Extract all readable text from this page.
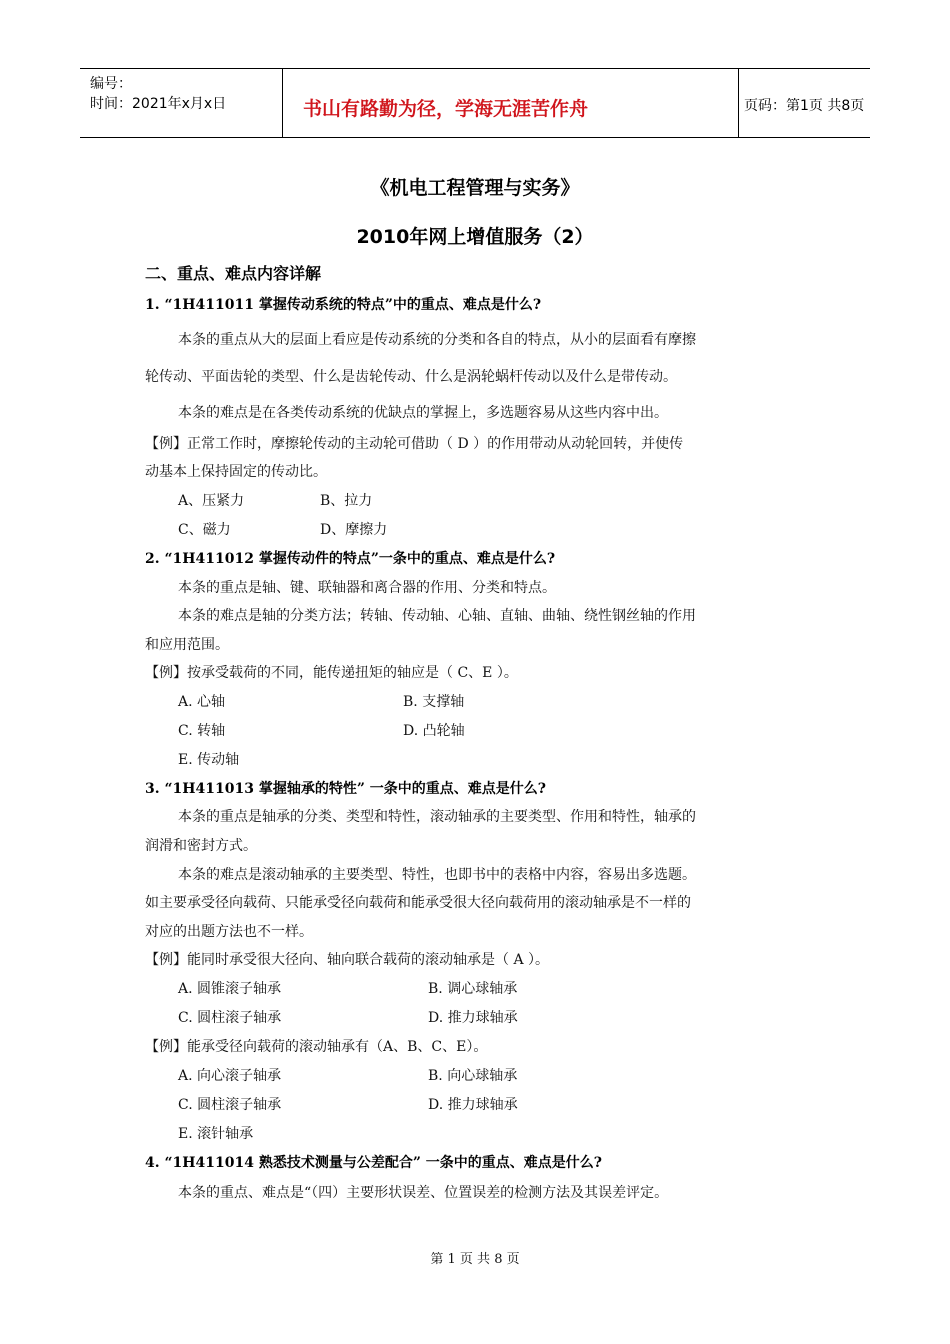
编号：
时间：2021年x月x日	书山有路勤为径，学海无涯苦作舟	页码：第1页 共8页
《机电工程管理与实务》
2010年网上增值服务（2）
二、重点、难点内容详解
1. “1H411011 掌握传动系统的特点”中的重点、难点是什么?
本条的重点从大的层面上看应是传动系统的分类和各自的特点，从小的层面看有摩擦
轮传动、平面齿轮的类型、什么是齿轮传动、什么是涡轮蜗杆传动以及什么是带传动。
本条的难点是在各类传动系统的优缺点的掌握上，多选题容易从这些内容中出。
【例】正常工作时，摩擦轮传动的主动轮可借助（ D ）的作用带动从动轮回转，并使传
动基本上保持固定的传动比。
A、压紧力	B、拉力
C、磁力	D、摩擦力
2. “1H411012 掌握传动件的特点”一条中的重点、难点是什么?
本条的重点是轴、键、联轴器和离合器的作用、分类和特点。
本条的难点是轴的分类方法；转轴、传动轴、心轴、直轴、曲轴、绕性钢丝轴的作用
和应用范围。
【例】按承受载荷的不同，能传递扭矩的轴应是（ C、E ）。
A. 心轴	B. 支撑轴
C. 转轴	D. 凸轮轴
E. 传动轴
3. “1H411013 掌握轴承的特性” 一条中的重点、难点是什么?
本条的重点是轴承的分类、类型和特性，滚动轴承的主要类型、作用和特性，轴承的
润滑和密封方式。
本条的难点是滚动轴承的主要类型、特性，也即书中的表格中内容，容易出多选题。
如主要承受径向载荷、只能承受径向载荷和能承受很大径向载荷用的滚动轴承是不一样的
对应的出题方法也不一样。
【例】能同时承受很大径向、轴向联合载荷的滚动轴承是（ A ）。
A. 圆锥滚子轴承	B. 调心球轴承
C. 圆柱滚子轴承	D. 推力球轴承
【例】能承受径向载荷的滚动轴承有（A、B、C、E）。
A. 向心滚子轴承	B. 向心球轴承
C. 圆柱滚子轴承	D. 推力球轴承
E. 滚针轴承
4. “1H411014 熟悉技术测量与公差配合” 一条中的重点、难点是什么?
本条的重点、难点是“（四）主要形状误差、位置误差的检测方法及其误差评定。
第 1 页 共 8 页
